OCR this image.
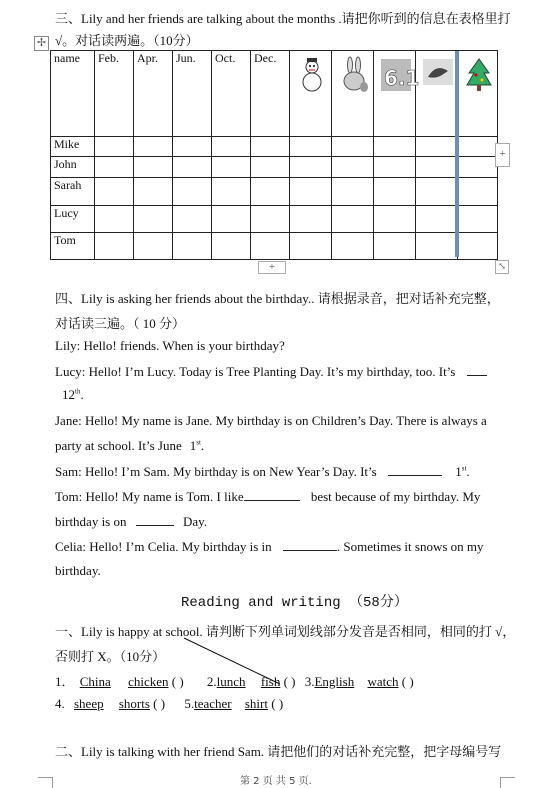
✢
三、Lily and her friends are talking about the months .请把你听到的信息在表格里打
√。对话读两遍。（10分）
name	Feb.	Apr.	Jun.	Oct.	Dec.			6.1

Mike										
John										
Sarah										
Lucy										
Tom										
+
+	⤡
四、Lily is asking her friends about the birthday.. 请根据录音，把对话补充完整，
对话读三遍。（ 10 分）
Lily: Hello! friends. When is your birthday?
Lucy: Hello! I’m Lucy. Today is Tree Planting Day. It’s my birthday, too. It’s
12th.
Jane: Hello! My name is Jane. My birthday is on Children’s Day. There is always a
party at school. It’s June 1st.
Sam: Hello! I’m Sam. My birthday is on New Year’s Day. It’s	1st.
Tom: Hello! My name is Tom. I like	best because of my birthday. My
birthday is on	Day.
Celia: Hello! I’m Celia. My birthday is in	. Sometimes it snows on my
birthday.
Reading and writing （58分）
一、Lily is happy at school. 请判断下列单词划线部分发音是否相同，相同的打 √，
否则打 X。（10分）
1． China chicken ( ) 2.lunch fish ( ) 3.English watch ( )
4. sheep shorts ( ) 5.teacher shirt ( )
二、Lily is talking with her friend Sam. 请把他们的对话补充完整，把字母编号写
第 2 页 共 5 页.
